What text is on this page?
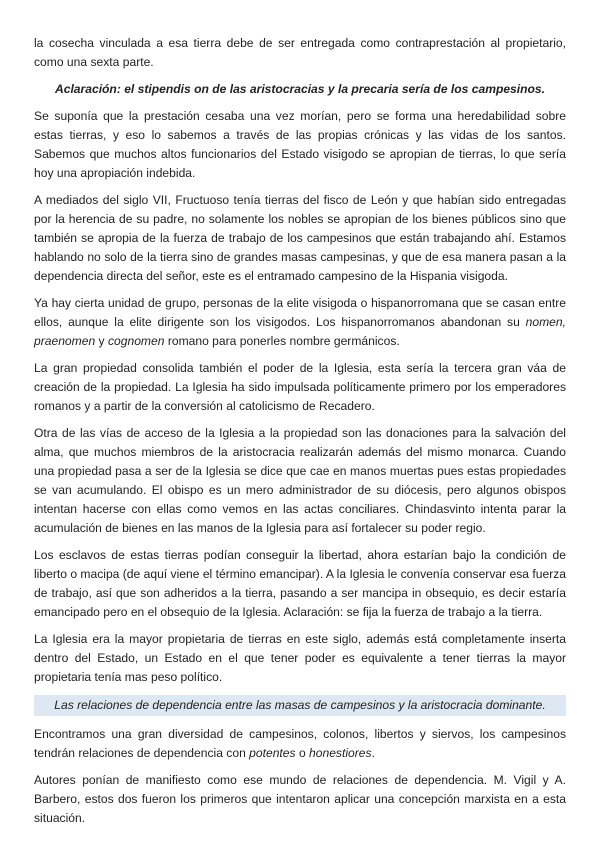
la cosecha vinculada a esa tierra debe de ser entregada como contraprestación al propietario, como una sexta parte.

Aclaración: el stipendis on de las aristocracias y la precaria sería de los campesinos.

Se suponía que la prestación cesaba una vez morían, pero se forma una heredabilidad sobre estas tierras, y eso lo sabemos a través de las propias crónicas y las vidas de los santos. Sabemos que muchos altos funcionarios del Estado visigodo se apropian de tierras, lo que sería hoy una apropiación indebida.

A mediados del siglo VII, Fructuoso tenía tierras del fisco de León y que habían sido entregadas por la herencia de su padre, no solamente los nobles se apropian de los bienes públicos sino que también se apropia de la fuerza de trabajo de los campesinos que están trabajando ahí. Estamos hablando no solo de la tierra sino de grandes masas campesinas, y que de esa manera pasan a la dependencia directa del señor, este es el entramado campesino de la Hispania visigoda.

Ya hay cierta unidad de grupo, personas de la elite visigoda o hispanorromana que se casan entre ellos, aunque la elite dirigente son los visigodos. Los hispanorromanos abandonan su nomen, praenomen y cognomen romano para ponerles nombre germánicos.

La gran propiedad consolida también el poder de la Iglesia, esta sería la tercera gran váa de creación de la propiedad. La Iglesia ha sido impulsada políticamente primero por los emperadores romanos y a partir de la conversión al catolicismo de Recadero.

Otra de las vías de acceso de la Iglesia a la propiedad son las donaciones para la salvación del alma, que muchos miembros de la aristocracia realizarán además del mismo monarca. Cuando una propiedad pasa a ser de la Iglesia se dice que cae en manos muertas pues estas propiedades se van acumulando. El obispo es un mero administrador de su diócesis, pero algunos obispos intentan hacerse con ellas como vemos en las actas conciliares. Chindasvinto intenta parar la acumulación de bienes en las manos de la Iglesia para así fortalecer su poder regio.

Los esclavos de estas tierras podían conseguir la libertad, ahora estarían bajo la condición de liberto o macipa (de aquí viene el término emancipar). A la Iglesia le convenía conservar esa fuerza de trabajo, así que son adheridos a la tierra, pasando a ser mancipa in obsequio, es decir estaría emancipado pero en el obsequio de la Iglesia. Aclaración: se fija la fuerza de trabajo a la tierra.

La Iglesia era la mayor propietaria de tierras en este siglo, además está completamente inserta dentro del Estado, un Estado en el que tener poder es equivalente a tener tierras la mayor propietaria tenía mas peso político.

Las relaciones de dependencia entre las masas de campesinos y la aristocracia dominante.

Encontramos una gran diversidad de campesinos, colonos, libertos y siervos, los campesinos tendrán relaciones de dependencia con potentes o honestiores.

Autores ponían de manifiesto como ese mundo de relaciones de dependencia. M. Vigil y A. Barbero, estos dos fueron los primeros que intentaron aplicar una concepción marxista en a esta situación.
